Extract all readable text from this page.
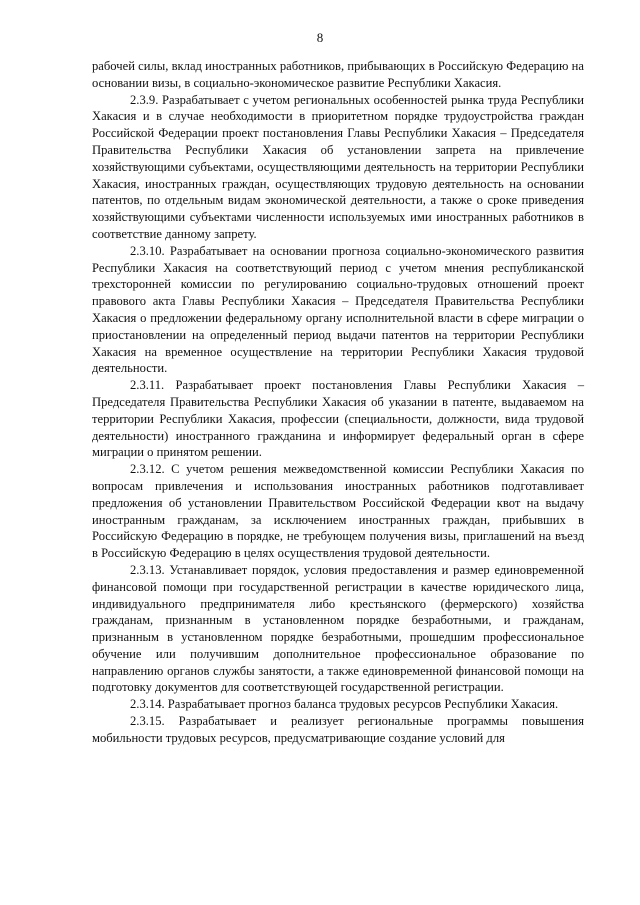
8

рабочей силы, вклад иностранных работников, прибывающих в Российскую Федерацию на основании визы, в социально-экономическое развитие Республики Хакасия.

2.3.9. Разрабатывает с учетом региональных особенностей рынка труда Республики Хакасия и в случае необходимости в приоритетном порядке трудоустройства граждан Российской Федерации проект постановления Главы Республики Хакасия – Председателя Правительства Республики Хакасия об установлении запрета на привлечение хозяйствующими субъектами, осуществляющими деятельность на территории Республики Хакасия, иностранных граждан, осуществляющих трудовую деятельность на основании патентов, по отдельным видам экономической деятельности, а также о сроке приведения хозяйствующими субъектами численности используемых ими иностранных работников в соответствие данному запрету.

2.3.10. Разрабатывает на основании прогноза социально-экономического развития Республики Хакасия на соответствующий период с учетом мнения республиканской трехсторонней комиссии по регулированию социально-трудовых отношений проект правового акта Главы Республики Хакасия – Председателя Правительства Республики Хакасия о предложении федеральному органу исполнительной власти в сфере миграции о приостановлении на определенный период выдачи патентов на территории Республики Хакасия на временное осуществление на территории Республики Хакасия трудовой деятельности.

2.3.11. Разрабатывает проект постановления Главы Республики Хакасия – Председателя Правительства Республики Хакасия об указании в патенте, выдаваемом на территории Республики Хакасия, профессии (специальности, должности, вида трудовой деятельности) иностранного гражданина и информирует федеральный орган в сфере миграции о принятом решении.

2.3.12. С учетом решения межведомственной комиссии Республики Хакасия по вопросам привлечения и использования иностранных работников подготавливает предложения об установлении Правительством Российской Федерации квот на выдачу иностранным гражданам, за исключением иностранных граждан, прибывших в Российскую Федерацию в порядке, не требующем получения визы, приглашений на въезд в Российскую Федерацию в целях осуществления трудовой деятельности.

2.3.13. Устанавливает порядок, условия предоставления и размер единовременной финансовой помощи при государственной регистрации в качестве юридического лица, индивидуального предпринимателя либо крестьянского (фермерского) хозяйства гражданам, признанным в установленном порядке безработными, и гражданам, признанным в установленном порядке безработными, прошедшим профессиональное обучение или получившим дополнительное профессиональное образование по направлению органов службы занятости, а также единовременной финансовой помощи на подготовку документов для соответствующей государственной регистрации.

2.3.14. Разрабатывает прогноз баланса трудовых ресурсов Республики Хакасия.

2.3.15. Разрабатывает и реализует региональные программы повышения мобильности трудовых ресурсов, предусматривающие создание условий для
